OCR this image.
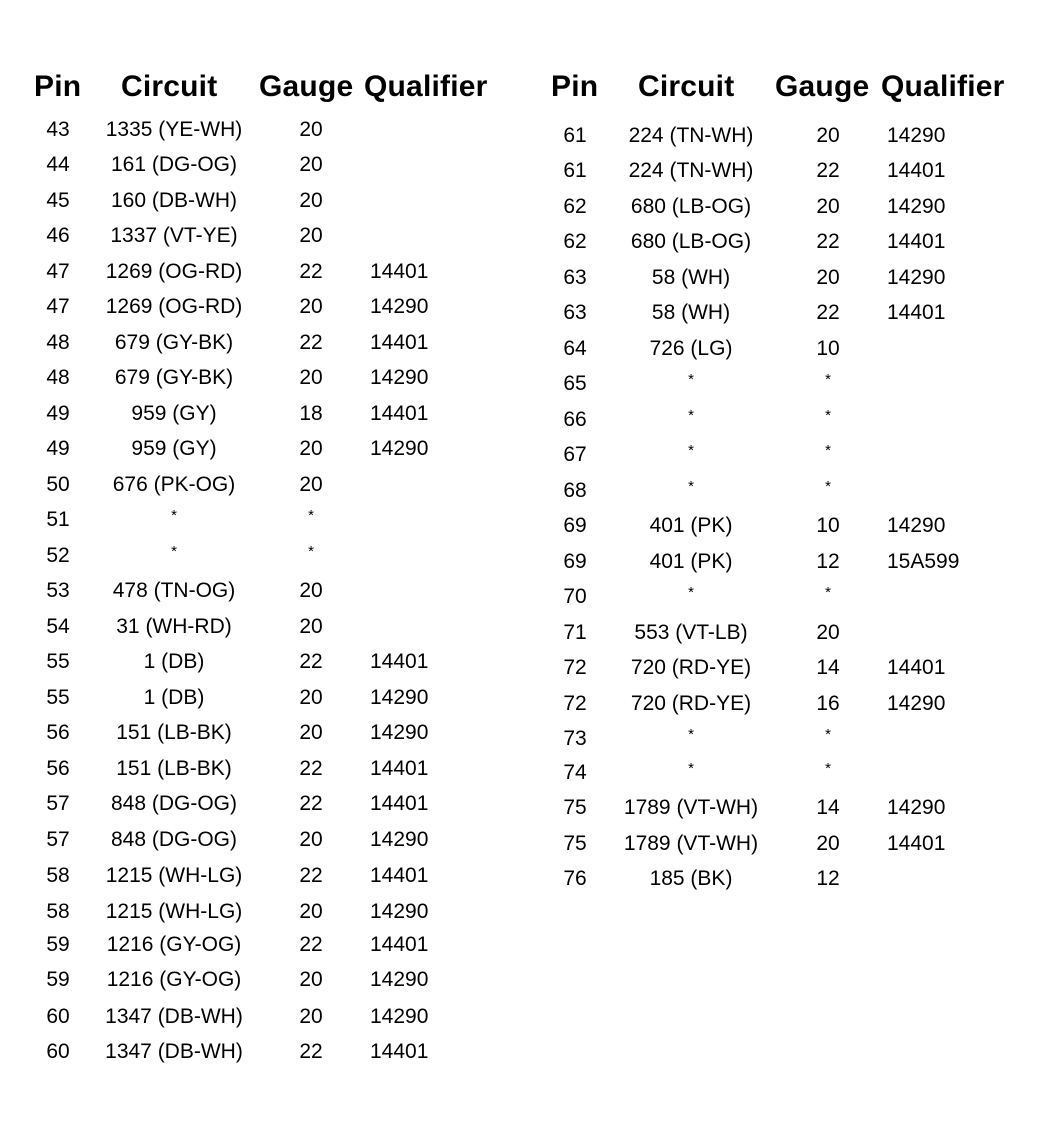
Pin Circuit Gauge Qualifier
43	1335 (YE-WH)	20
44	161 (DG-OG)	20
45	160 (DB-WH)	20
46	1337 (VT-YE)	20
47	1269 (OG-RD)	22	14401
47	1269 (OG-RD)	20	14290
48	679 (GY-BK)	22	14401
48	679 (GY-BK)	20	14290
49	959 (GY)	18	14401
49	959 (GY)	20	14290
50	676 (PK-OG)	20
51	*	*
52	*	*
53	478 (TN-OG)	20
54	31 (WH-RD)	20
55	1 (DB)	22	14401
55	1 (DB)	20	14290
56	151 (LB-BK)	20	14290
56	151 (LB-BK)	22	14401
57	848 (DG-OG)	22	14401
57	848 (DG-OG)	20	14290
58	1215 (WH-LG)	22	14401
58	1215 (WH-LG)	20	14290
59	1216 (GY-OG)	22	14401
59	1216 (GY-OG)	20	14290
60	1347 (DB-WH)	20	14290
60	1347 (DB-WH)	22	14401
Pin Circuit Gauge Qualifier
61	224 (TN-WH)	20	14290
61	224 (TN-WH)	22	14401
62	680 (LB-OG)	20	14290
62	680 (LB-OG)	22	14401
63	58 (WH)	20	14290
63	58 (WH)	22	14401
64	726 (LG)	10
65	*	*
66	*	*
67	*	*
68	*	*
69	401 (PK)	10	14290
69	401 (PK)	12	15A599
70	*	*
71	553 (VT-LB)	20
72	720 (RD-YE)	14	14401
72	720 (RD-YE)	16	14290
73	*	*
74	*	*
75	1789 (VT-WH)	14	14290
75	1789 (VT-WH)	20	14401
76	185 (BK)	12
